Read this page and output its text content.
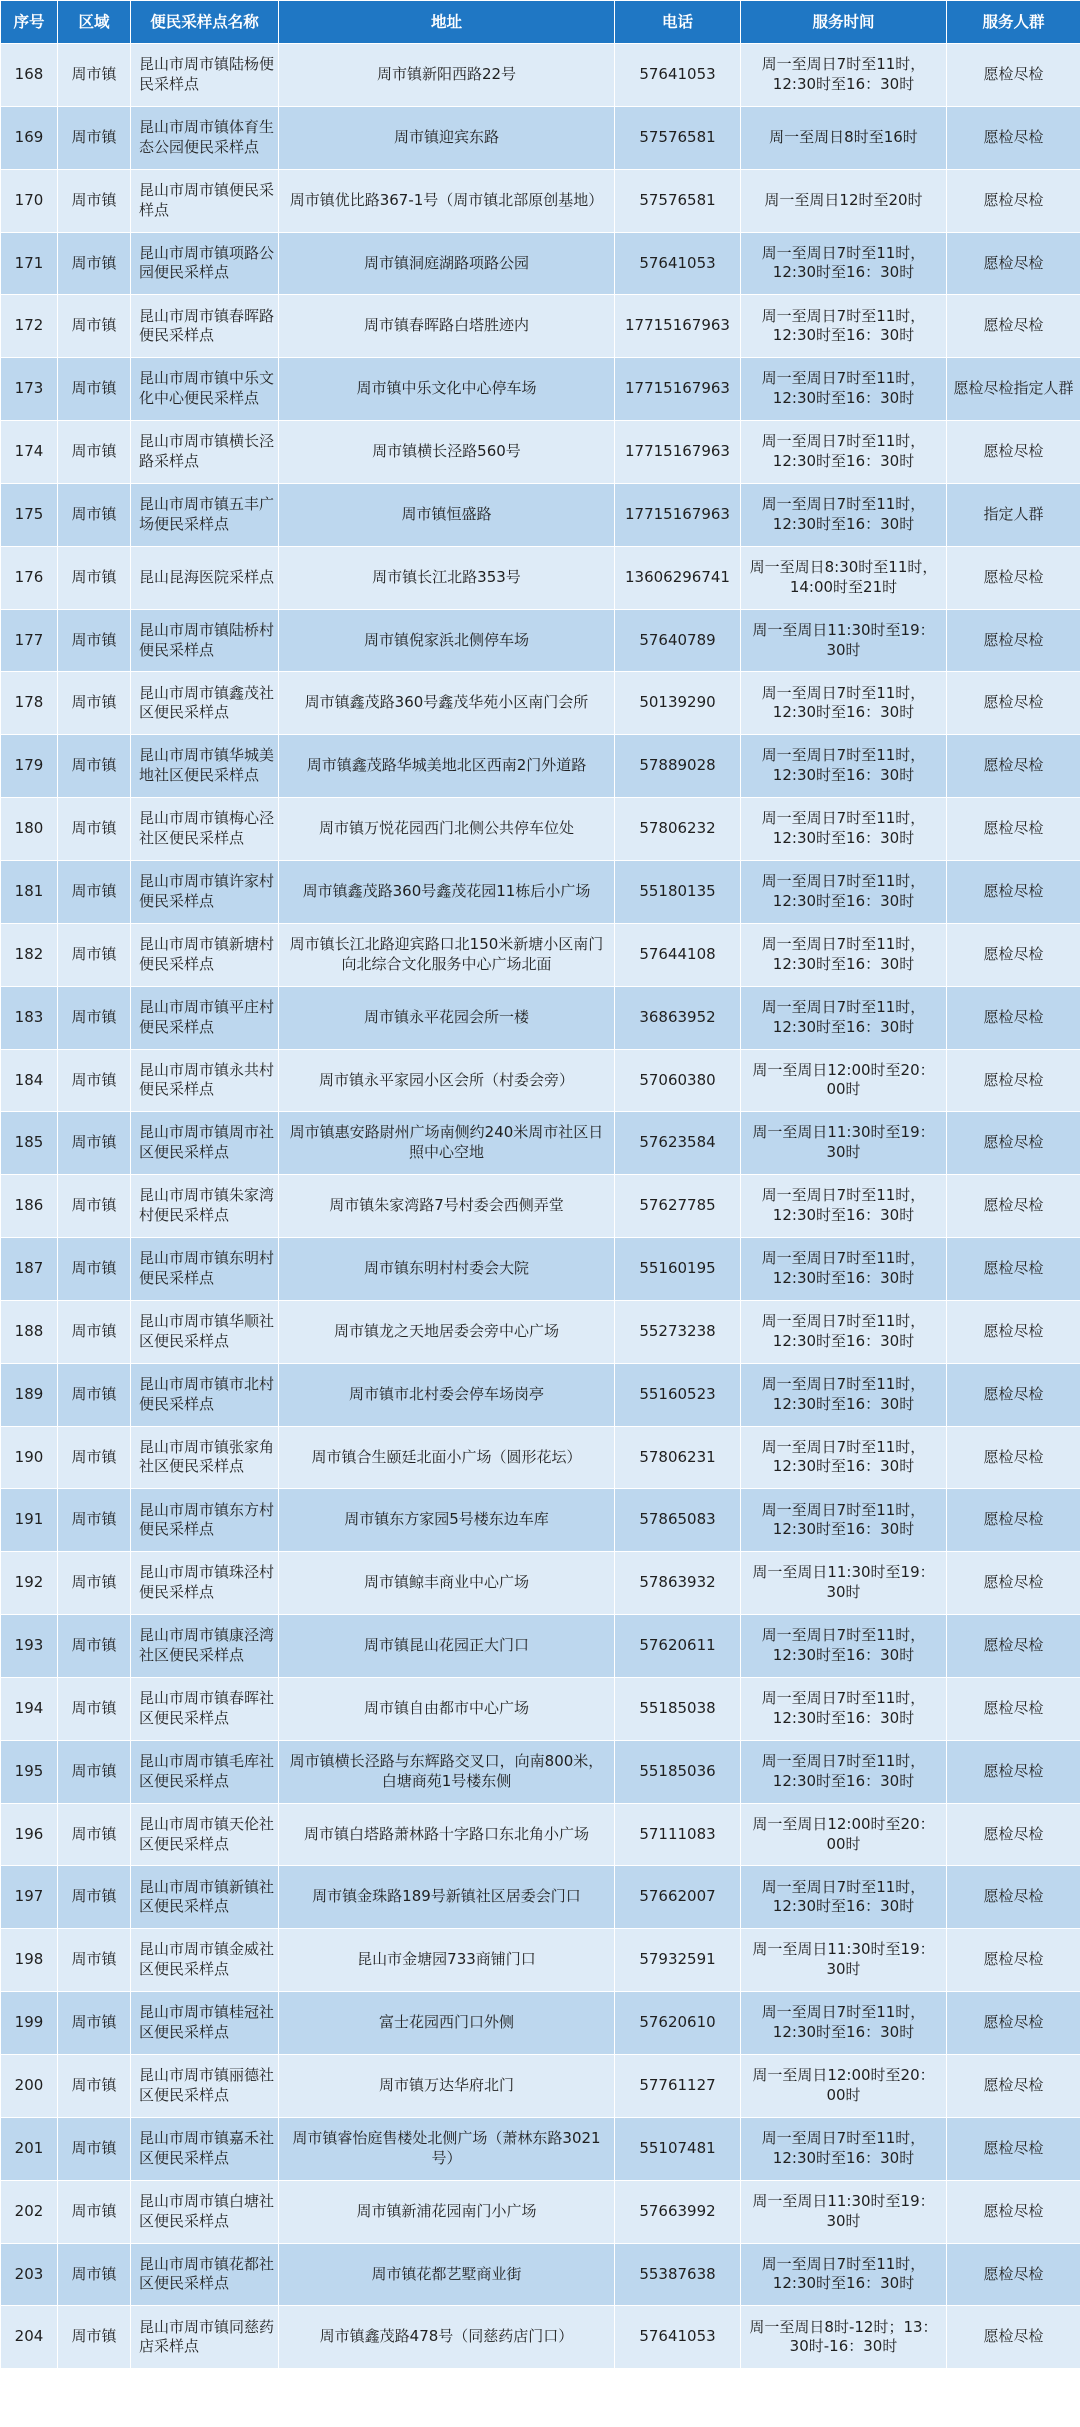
序号	区域	便民采样点名称	地址	电话	服务时间	服务人群
168	周市镇	昆山市周市镇陆杨便民采样点	周市镇新阳西路22号	57641053	周一至周日7时至11时，12:30时至16：30时	愿检尽检
169	周市镇	昆山市周市镇体育生态公园便民采样点	周市镇迎宾东路	57576581	周一至周日8时至16时	愿检尽检
170	周市镇	昆山市周市镇便民采样点	周市镇优比路367-1号（周市镇北部原创基地）	57576581	周一至周日12时至20时	愿检尽检
171	周市镇	昆山市周市镇项路公园便民采样点	周市镇洞庭湖路项路公园	57641053	周一至周日7时至11时，12:30时至16：30时	愿检尽检
172	周市镇	昆山市周市镇春晖路便民采样点	周市镇春晖路白塔胜迹内	17715167963	周一至周日7时至11时，12:30时至16：30时	愿检尽检
173	周市镇	昆山市周市镇中乐文化中心便民采样点	周市镇中乐文化中心停车场	17715167963	周一至周日7时至11时，12:30时至16：30时	愿检尽检指定人群
174	周市镇	昆山市周市镇横长泾路采样点	周市镇横长泾路560号	17715167963	周一至周日7时至11时，12:30时至16：30时	愿检尽检
175	周市镇	昆山市周市镇五丰广场便民采样点	周市镇恒盛路	17715167963	周一至周日7时至11时，12:30时至16：30时	指定人群
176	周市镇	昆山昆海医院采样点	周市镇长江北路353号	13606296741	周一至周日8:30时至11时，14:00时至21时	愿检尽检
177	周市镇	昆山市周市镇陆桥村便民采样点	周市镇倪家浜北侧停车场	57640789	周一至周日11:30时至19：30时	愿检尽检
178	周市镇	昆山市周市镇鑫茂社区便民采样点	周市镇鑫茂路360号鑫茂华苑小区南门会所	50139290	周一至周日7时至11时，12:30时至16：30时	愿检尽检
179	周市镇	昆山市周市镇华城美地社区便民采样点	周市镇鑫茂路华城美地北区西南2门外道路	57889028	周一至周日7时至11时，12:30时至16：30时	愿检尽检
180	周市镇	昆山市周市镇梅心泾社区便民采样点	周市镇万悦花园西门北侧公共停车位处	57806232	周一至周日7时至11时，12:30时至16：30时	愿检尽检
181	周市镇	昆山市周市镇许家村便民采样点	周市镇鑫茂路360号鑫茂花园11栋后小广场	55180135	周一至周日7时至11时，12:30时至16：30时	愿检尽检
182	周市镇	昆山市周市镇新塘村便民采样点	周市镇长江北路迎宾路口北150米新塘小区南门向北综合文化服务中心广场北面	57644108	周一至周日7时至11时，12:30时至16：30时	愿检尽检
183	周市镇	昆山市周市镇平庄村便民采样点	周市镇永平花园会所一楼	36863952	周一至周日7时至11时，12:30时至16：30时	愿检尽检
184	周市镇	昆山市周市镇永共村便民采样点	周市镇永平家园小区会所（村委会旁）	57060380	周一至周日12:00时至20：00时	愿检尽检
185	周市镇	昆山市周市镇周市社区便民采样点	周市镇惠安路尉州广场南侧约240米周市社区日照中心空地	57623584	周一至周日11:30时至19：30时	愿检尽检
186	周市镇	昆山市周市镇朱家湾村便民采样点	周市镇朱家湾路7号村委会西侧弄堂	57627785	周一至周日7时至11时，12:30时至16：30时	愿检尽检
187	周市镇	昆山市周市镇东明村便民采样点	周市镇东明村村委会大院	55160195	周一至周日7时至11时，12:30时至16：30时	愿检尽检
188	周市镇	昆山市周市镇华顺社区便民采样点	周市镇龙之天地居委会旁中心广场	55273238	周一至周日7时至11时，12:30时至16：30时	愿检尽检
189	周市镇	昆山市周市镇市北村便民采样点	周市镇市北村委会停车场岗亭	55160523	周一至周日7时至11时，12:30时至16：30时	愿检尽检
190	周市镇	昆山市周市镇张家角社区便民采样点	周市镇合生颐廷北面小广场（圆形花坛）	57806231	周一至周日7时至11时，12:30时至16：30时	愿检尽检
191	周市镇	昆山市周市镇东方村便民采样点	周市镇东方家园5号楼东边车库	57865083	周一至周日7时至11时，12:30时至16：30时	愿检尽检
192	周市镇	昆山市周市镇珠泾村便民采样点	周市镇鲸丰商业中心广场	57863932	周一至周日11:30时至19：30时	愿检尽检
193	周市镇	昆山市周市镇康泾湾社区便民采样点	周市镇昆山花园正大门口	57620611	周一至周日7时至11时，12:30时至16：30时	愿检尽检
194	周市镇	昆山市周市镇春晖社区便民采样点	周市镇自由都市中心广场	55185038	周一至周日7时至11时，12:30时至16：30时	愿检尽检
195	周市镇	昆山市周市镇毛库社区便民采样点	周市镇横长泾路与东辉路交叉口，向南800米，白塘商苑1号楼东侧	55185036	周一至周日7时至11时，12:30时至16：30时	愿检尽检
196	周市镇	昆山市周市镇天伦社区便民采样点	周市镇白塔路萧林路十字路口东北角小广场	57111083	周一至周日12:00时至20：00时	愿检尽检
197	周市镇	昆山市周市镇新镇社区便民采样点	周市镇金珠路189号新镇社区居委会门口	57662007	周一至周日7时至11时，12:30时至16：30时	愿检尽检
198	周市镇	昆山市周市镇金威社区便民采样点	昆山市金塘园733商铺门口	57932591	周一至周日11:30时至19：30时	愿检尽检
199	周市镇	昆山市周市镇桂冠社区便民采样点	富士花园西门口外侧	57620610	周一至周日7时至11时，12:30时至16：30时	愿检尽检
200	周市镇	昆山市周市镇丽德社区便民采样点	周市镇万达华府北门	57761127	周一至周日12:00时至20：00时	愿检尽检
201	周市镇	昆山市周市镇嘉禾社区便民采样点	周市镇睿怡庭售楼处北侧广场（萧林东路3021号）	55107481	周一至周日7时至11时，12:30时至16：30时	愿检尽检
202	周市镇	昆山市周市镇白塘社区便民采样点	周市镇新浦花园南门小广场	57663992	周一至周日11:30时至19：30时	愿检尽检
203	周市镇	昆山市周市镇花都社区便民采样点	周市镇花都艺墅商业街	55387638	周一至周日7时至11时，12:30时至16：30时	愿检尽检
204	周市镇	昆山市周市镇同慈药店采样点	周市镇鑫茂路478号（同慈药店门口）	57641053	周一至周日8时-12时；13：30时-16：30时	愿检尽检
